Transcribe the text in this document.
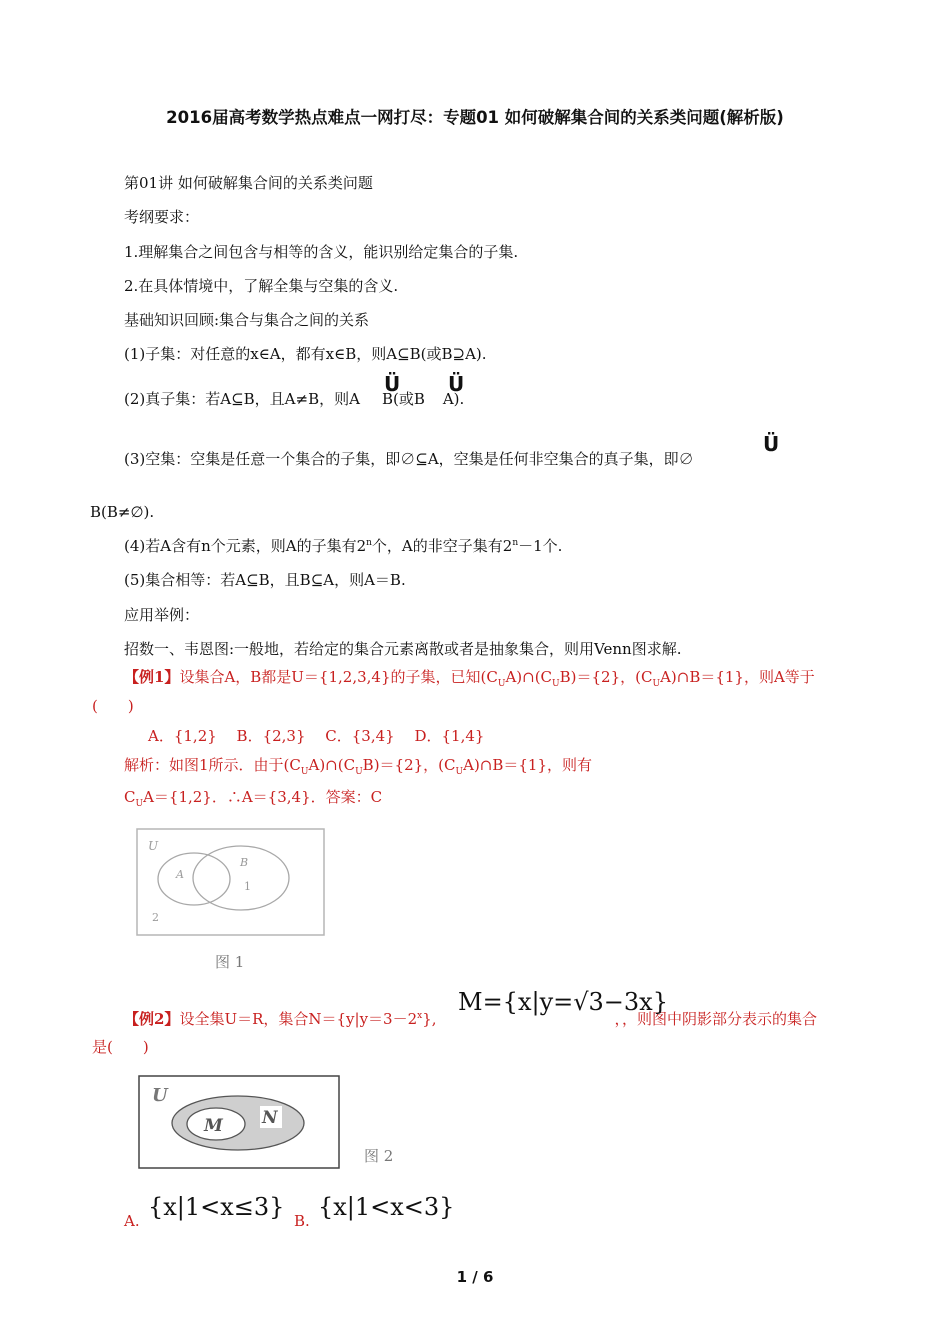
2016届高考数学热点难点一网打尽：专题01 如何破解集合间的关系类问题(解析版)
第01讲 如何破解集合间的关系类问题
考纲要求：
1.理解集合之间包含与相等的含义，能识别给定集合的子集.
2.在具体情境中，了解全集与空集的含义.
基础知识回顾:集合与集合之间的关系
(1)子集：对任意的x∈A，都有x∈B，则A⊆B(或B⊇A).
(2)真子集：若A⊆B，且A≠B，则A B(或B A).
Ü Ü
(3)空集：空集是任意一个集合的子集，即∅⊆A，空集是任何非空集合的真子集，即∅
Ü
B(B≠∅).
(4)若A含有n个元素，则A的子集有2$^n$个，A的非空子集有$2^n-1$个.
(5)集合相等：若A⊆B，且B⊆A，则A＝B.
应用举例：
招数一、韦恩图:一般地，若给定的集合元素离散或者是抽象集合，则用Venn图求解.
【例1】设集合A，B都是U＝{1,2,3,4}的子集，已知$(C_UA)\cap(C_UB)=\{2\}$，$(C_UA)\cap B=\{1\}$，则A等于
(　　)
A．{1,2}　 B．{2,3}　 C．{3,4}　 D．{1,4}
解析：如图1所示．由于$(C_UA)\cap(C_UB)=\{2\}$，$(C_UA)\cap B=\{1\}$，则有
$C_UA=\{1,2\}$．∴A＝{3,4}．答案：C
U
A
B
1
2
图 1
【例2】设全集U＝R，集合$N=\{y|y=3-2^x\}$,	，，则图中阴影部分表示的集合
M={x|y=√3−3x}
是(　　)
U
M N
图 2
A. {x|1<x≤3} B. {x|1<x<3}
1 / 6
